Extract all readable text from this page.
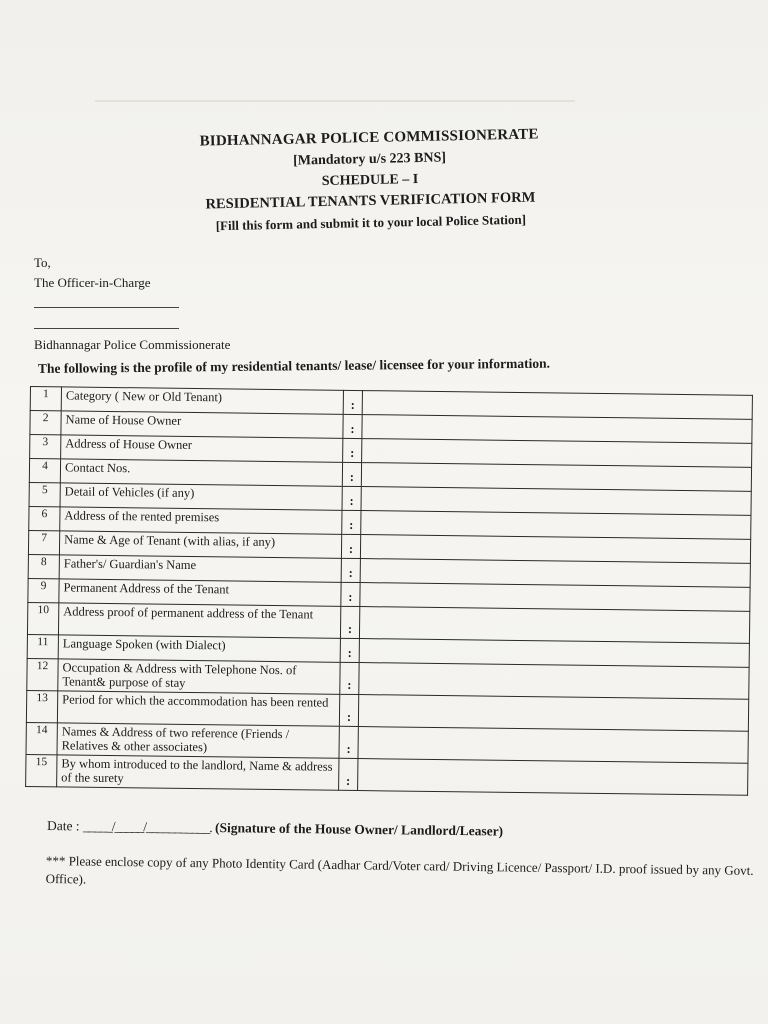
BIDHANNAGAR POLICE COMMISSIONERATE
[Mandatory u/s 223 BNS]
SCHEDULE – I
RESIDENTIAL TENANTS VERIFICATION FORM
[Fill this form and submit it to your local Police Station]
To,
The Officer-in-Charge
Bidhannagar Police Commissionerate
The following is the profile of my residential tenants/ lease/ licensee for your information.
1	Category ( New or Old Tenant)	:	
2	Name of House Owner	:	
3	Address of House Owner	:	
4	Contact Nos.	:	
5	Detail of Vehicles (if any)	:	
6	Address of the rented premises	:	
7	Name & Age of Tenant (with alias, if any)	:	
8	Father's/ Guardian's Name	:	
9	Permanent Address of the Tenant	:	
10	Address proof of permanent address of the Tenant	:	
11	Language Spoken (with Dialect)	:	
12	Occupation & Address with Telephone Nos. of Tenant& purpose of stay	:	
13	Period for which the accommodation has been rented	:	
14	Names & Address of two reference (Friends / Relatives & other associates)	:	
15	By whom introduced to the landlord, Name & address of the surety	:	
Date : _____/_____/___________. (Signature of the House Owner/ Landlord/Leaser)
*** Please enclose copy of any Photo Identity Card (Aadhar Card/Voter card/ Driving Licence/ Passport/ I.D. proof issued by any Govt. Office).
